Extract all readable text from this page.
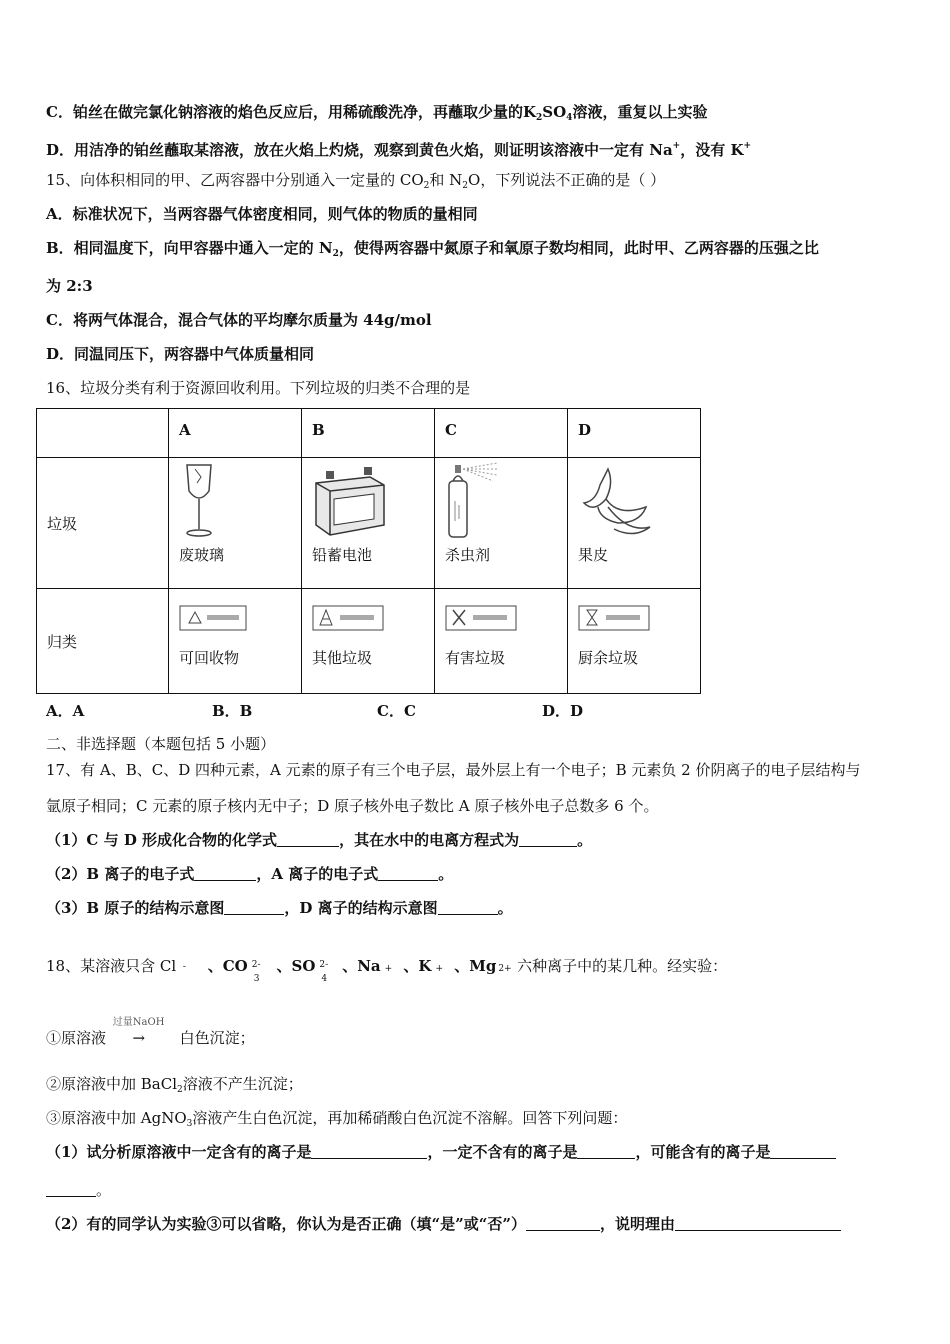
C．铂丝在做完氯化钠溶液的焰色反应后，用稀硫酸洗净，再蘸取少量的$K_2SO_4$溶液，重复以上实验
D．用洁净的铂丝蘸取某溶液，放在火焰上灼烧，观察到黄色火焰，则证明该溶液中一定有 Na+，没有 K+
15、向体积相同的甲、乙两容器中分别通入一定量的 $CO_2$和 $N_2O$，下列说法不正确的是（ ）
A．标准状况下，当两容器气体密度相同，则气体的物质的量相同
B．相同温度下，向甲容器中通入一定的 $N_2$，使得两容器中氮原子和氧原子数均相同，此时甲、乙两容器的压强之比
为 2:3
C．将两气体混合，混合气体的平均摩尔质量为 44g/mol
D．同温同压下，两容器中气体质量相同
16、垃圾分类有利于资源回收利用。下列垃圾的归类不合理的是
	A	B	C	D
垃圾	废玻璃	铅蓄电池	杀虫剂	果皮

归类	可回收物	其他垃圾	有害垃圾	厨余垃圾
A．A	B．B	C．C	D．D
二、非选择题（本题包括 5 小题）
17、有 A、B、C、D 四种元素，A 元素的原子有三个电子层，最外层上有一个电子；B 元素负 2 价阴离子的电子层结构与
氩原子相同；C 元素的原子核内无中子；D 原子核外电子数比 A 原子核外电子总数多 6 个。
（1）C 与 D 形成化合物的化学式	，其在水中的电离方程式为	。
（2）B 离子的电子式	，A 离子的电子式	。
（3）B 原子的结构示意图	，D 离子的结构示意图	。
18、某溶液只含 Cl - 、CO 2-
3
、SO 2-
4
、Na + 、K + 、Mg 2+ 六种离子中的某几种。经实验：
①原溶液
过量NaOH
→ 白色沉淀；
②原溶液中加 BaCl$_2$溶液不产生沉淀；
③原溶液中加 AgNO$_3$溶液产生白色沉淀，再加稀硝酸白色沉淀不溶解。回答下列问题：
（1）试分析原溶液中一定含有的离子是	，一定不含有的离子是	，可能含有的离子是
。
（2）有的同学认为实验③可以省略，你认为是否正确（填“是”或“否”）	，说明理由
